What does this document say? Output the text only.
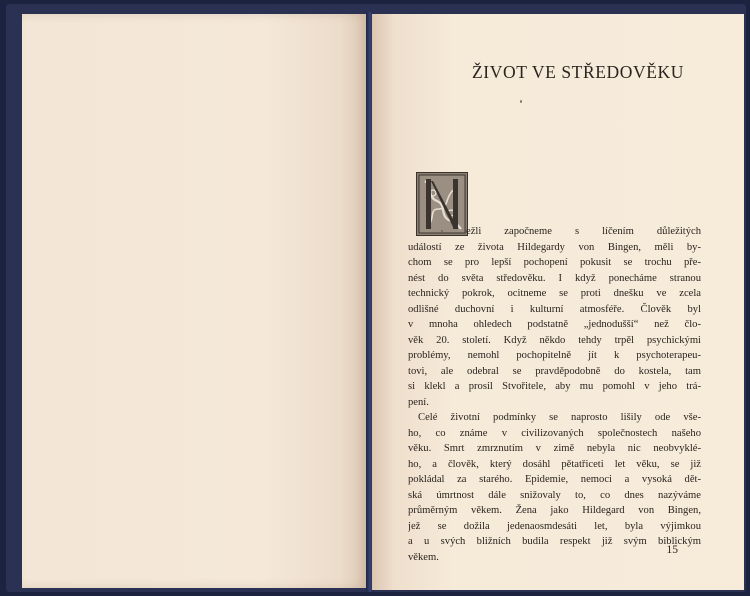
ŽIVOT VE STŘEDOVĚKU
N	ežli započneme s líčením důležitých
událostí ze života Hildegardy von Bingen, měli by-
chom se pro lepší pochopení pokusit se trochu pře-
nést do světa středověku. I když ponecháme stranou
technický pokrok, ocitneme se proti dnešku ve zcela
odlišné duchovní i kulturní atmosféře. Člověk byl
v mnoha ohledech podstatně „jednodušší“ než člo-
věk 20. století. Když někdo tehdy trpěl psychickými
problémy, nemohl pochopitelně jít k psychoterapeu-
tovi, ale odebral se pravděpodobně do kostela, tam
si klekl a prosil Stvořitele, aby mu pomohl v jeho trá-
pení.

Celé životní podmínky se naprosto lišily ode vše-
ho, co známe v civilizovaných společnostech našeho
věku. Smrt zmrznutím v zimě nebyla nic neobvyklé-
ho, a člověk, který dosáhl pětatřiceti let věku, se již
pokládal za starého. Epidemie, nemoci a vysoká dět-
ská úmrtnost dále snižovaly to, co dnes nazýváme
průměrným věkem. Žena jako Hildegard von Bingen,
jež se dožila jedenaosmdesáti let, byla výjimkou
a u svých bližních budila respekt již svým biblickým
věkem.

15
